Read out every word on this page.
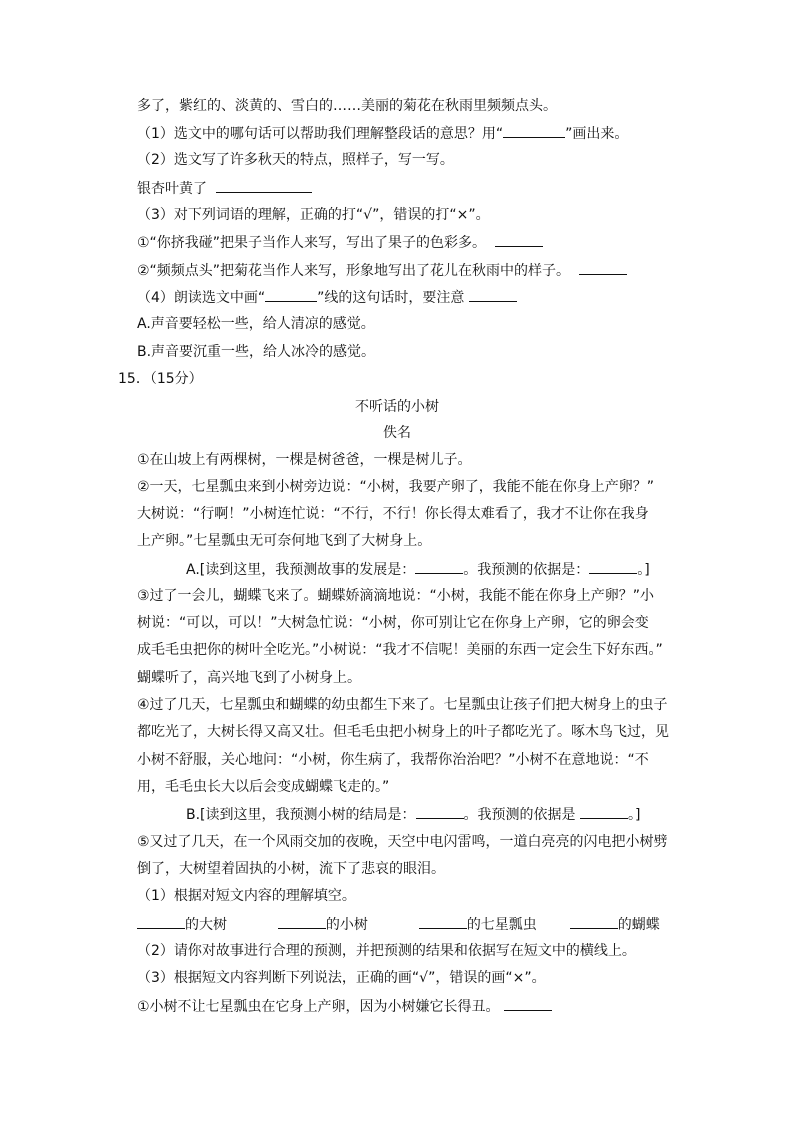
多了，紫红的、淡黄的、雪白的……美丽的菊花在秋雨里频频点头。
（1）选文中的哪句话可以帮助我们理解整段话的意思？用“	”画出来。
（2）选文写了许多秋天的特点，照样子，写一写。
银杏叶黄了
（3）对下列词语的理解，正确的打“√”，错误的打“×”。
①“你挤我碰”把果子当作人来写，写出了果子的色彩多。
②“频频点头”把菊花当作人来写，形象地写出了花儿在秋雨中的样子。
（4）朗读选文中画“	”线的这句话时，要注意
A.声音要轻松一些，给人清凉的感觉。
B.声音要沉重一些，给人冰冷的感觉。
15．（15分）
不听话的小树
佚名
①在山坡上有两棵树，一棵是树爸爸，一棵是树儿子。
②一天，七星瓢虫来到小树旁边说：“小树，我要产卵了，我能不能在你身上产卵？”
大树说：“行啊！”小树连忙说：“不行，不行！你长得太难看了，我才不让你在我身
上产卵。”七星瓢虫无可奈何地飞到了大树身上。
A.[读到这里，我预测故事的发展是：	。我预测的依据是：	。]
③过了一会儿，蝴蝶飞来了。蝴蝶娇滴滴地说：“小树，我能不能在你身上产卵？”小
树说：“可以，可以！”大树急忙说：“小树，你可别让它在你身上产卵，它的卵会变
成毛毛虫把你的树叶全吃光。”小树说：“我才不信呢！美丽的东西一定会生下好东西。”
蝴蝶听了，高兴地飞到了小树身上。
④过了几天，七星瓢虫和蝴蝶的幼虫都生下来了。七星瓢虫让孩子们把大树身上的虫子
都吃光了，大树长得又高又壮。但毛毛虫把小树身上的叶子都吃光了。啄木鸟飞过，见
小树不舒服，关心地问：“小树，你生病了，我帮你治治吧？”小树不在意地说：“不
用，毛毛虫长大以后会变成蝴蝶飞走的。”
B.[读到这里，我预测小树的结局是：	。我预测的依据是	。]
⑤又过了几天，在一个风雨交加的夜晚，天空中电闪雷鸣，一道白亮亮的闪电把小树劈
倒了，大树望着固执的小树，流下了悲哀的眼泪。
（1）根据对短文内容的理解填空。
的大树	的小树	的七星瓢虫	的蝴蝶
（2）请你对故事进行合理的预测，并把预测的结果和依据写在短文中的横线上。
（3）根据短文内容判断下列说法，正确的画“√”，错误的画“×”。
①小树不让七星瓢虫在它身上产卵，因为小树嫌它长得丑。
